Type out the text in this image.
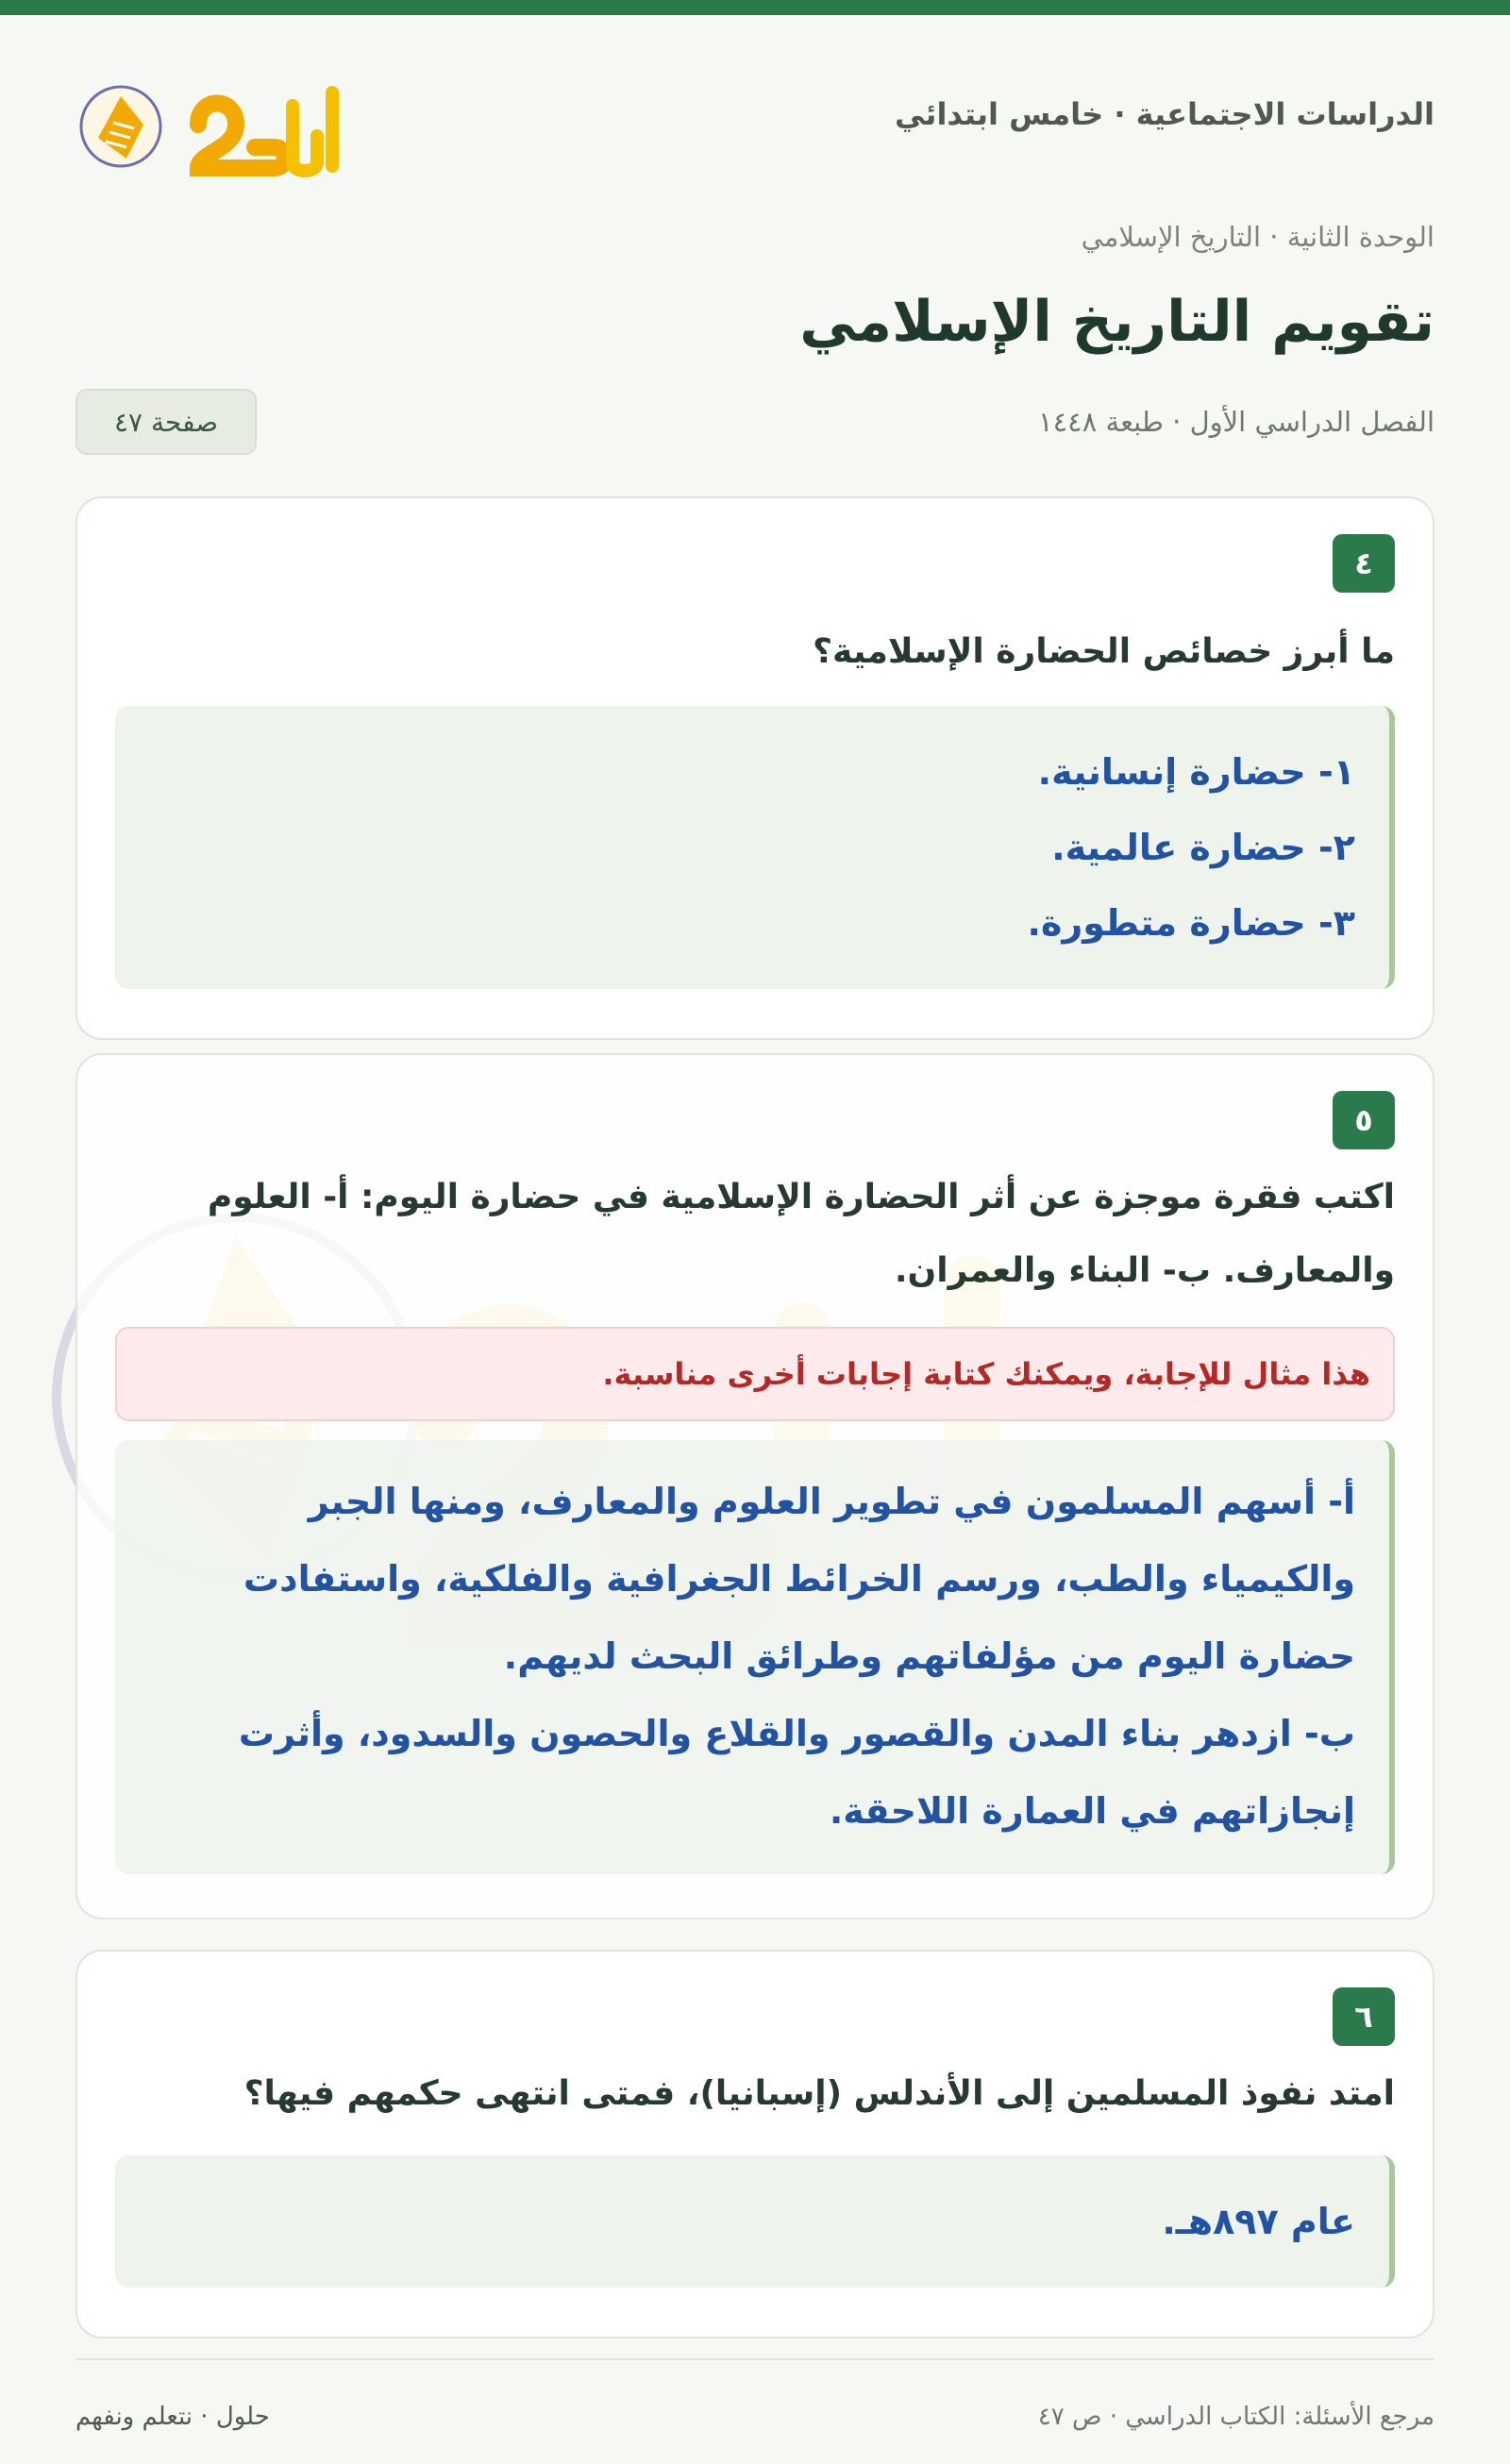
الدراسات الاجتماعية · خامس ابتدائي
الوحدة الثانية · التاريخ الإسلامي
تقويم التاريخ الإسلامي
الفصل الدراسي الأول · طبعة ١٤٤٨
صفحة ٤٧
٤

ما أبرز خصائص الحضارة الإسلامية؟

١- حضارة إنسانية.
٢- حضارة عالمية.
٣- حضارة متطورة.
٥

اكتب فقرة موجزة عن أثر الحضارة الإسلامية في حضارة اليوم: أ- العلوم والمعارف. ب- البناء والعمران.

هذا مثال للإجابة، ويمكنك كتابة إجابات أخرى مناسبة.

أ- أسهم المسلمون في تطوير العلوم والمعارف، ومنها الجبر والكيمياء والطب، ورسم الخرائط الجغرافية والفلكية، واستفادت حضارة اليوم من مؤلفاتهم وطرائق البحث لديهم.

ب- ازدهر بناء المدن والقصور والقلاع والحصون والسدود، وأثرت إنجازاتهم في العمارة اللاحقة.

٦

امتد نفوذ المسلمين إلى الأندلس (إسبانيا)، فمتى انتهى حكمهم فيها؟

عام ٨٩٧هـ.
مرجع الأسئلة: الكتاب الدراسي · ص ٤٧
حلول · نتعلم ونفهم
